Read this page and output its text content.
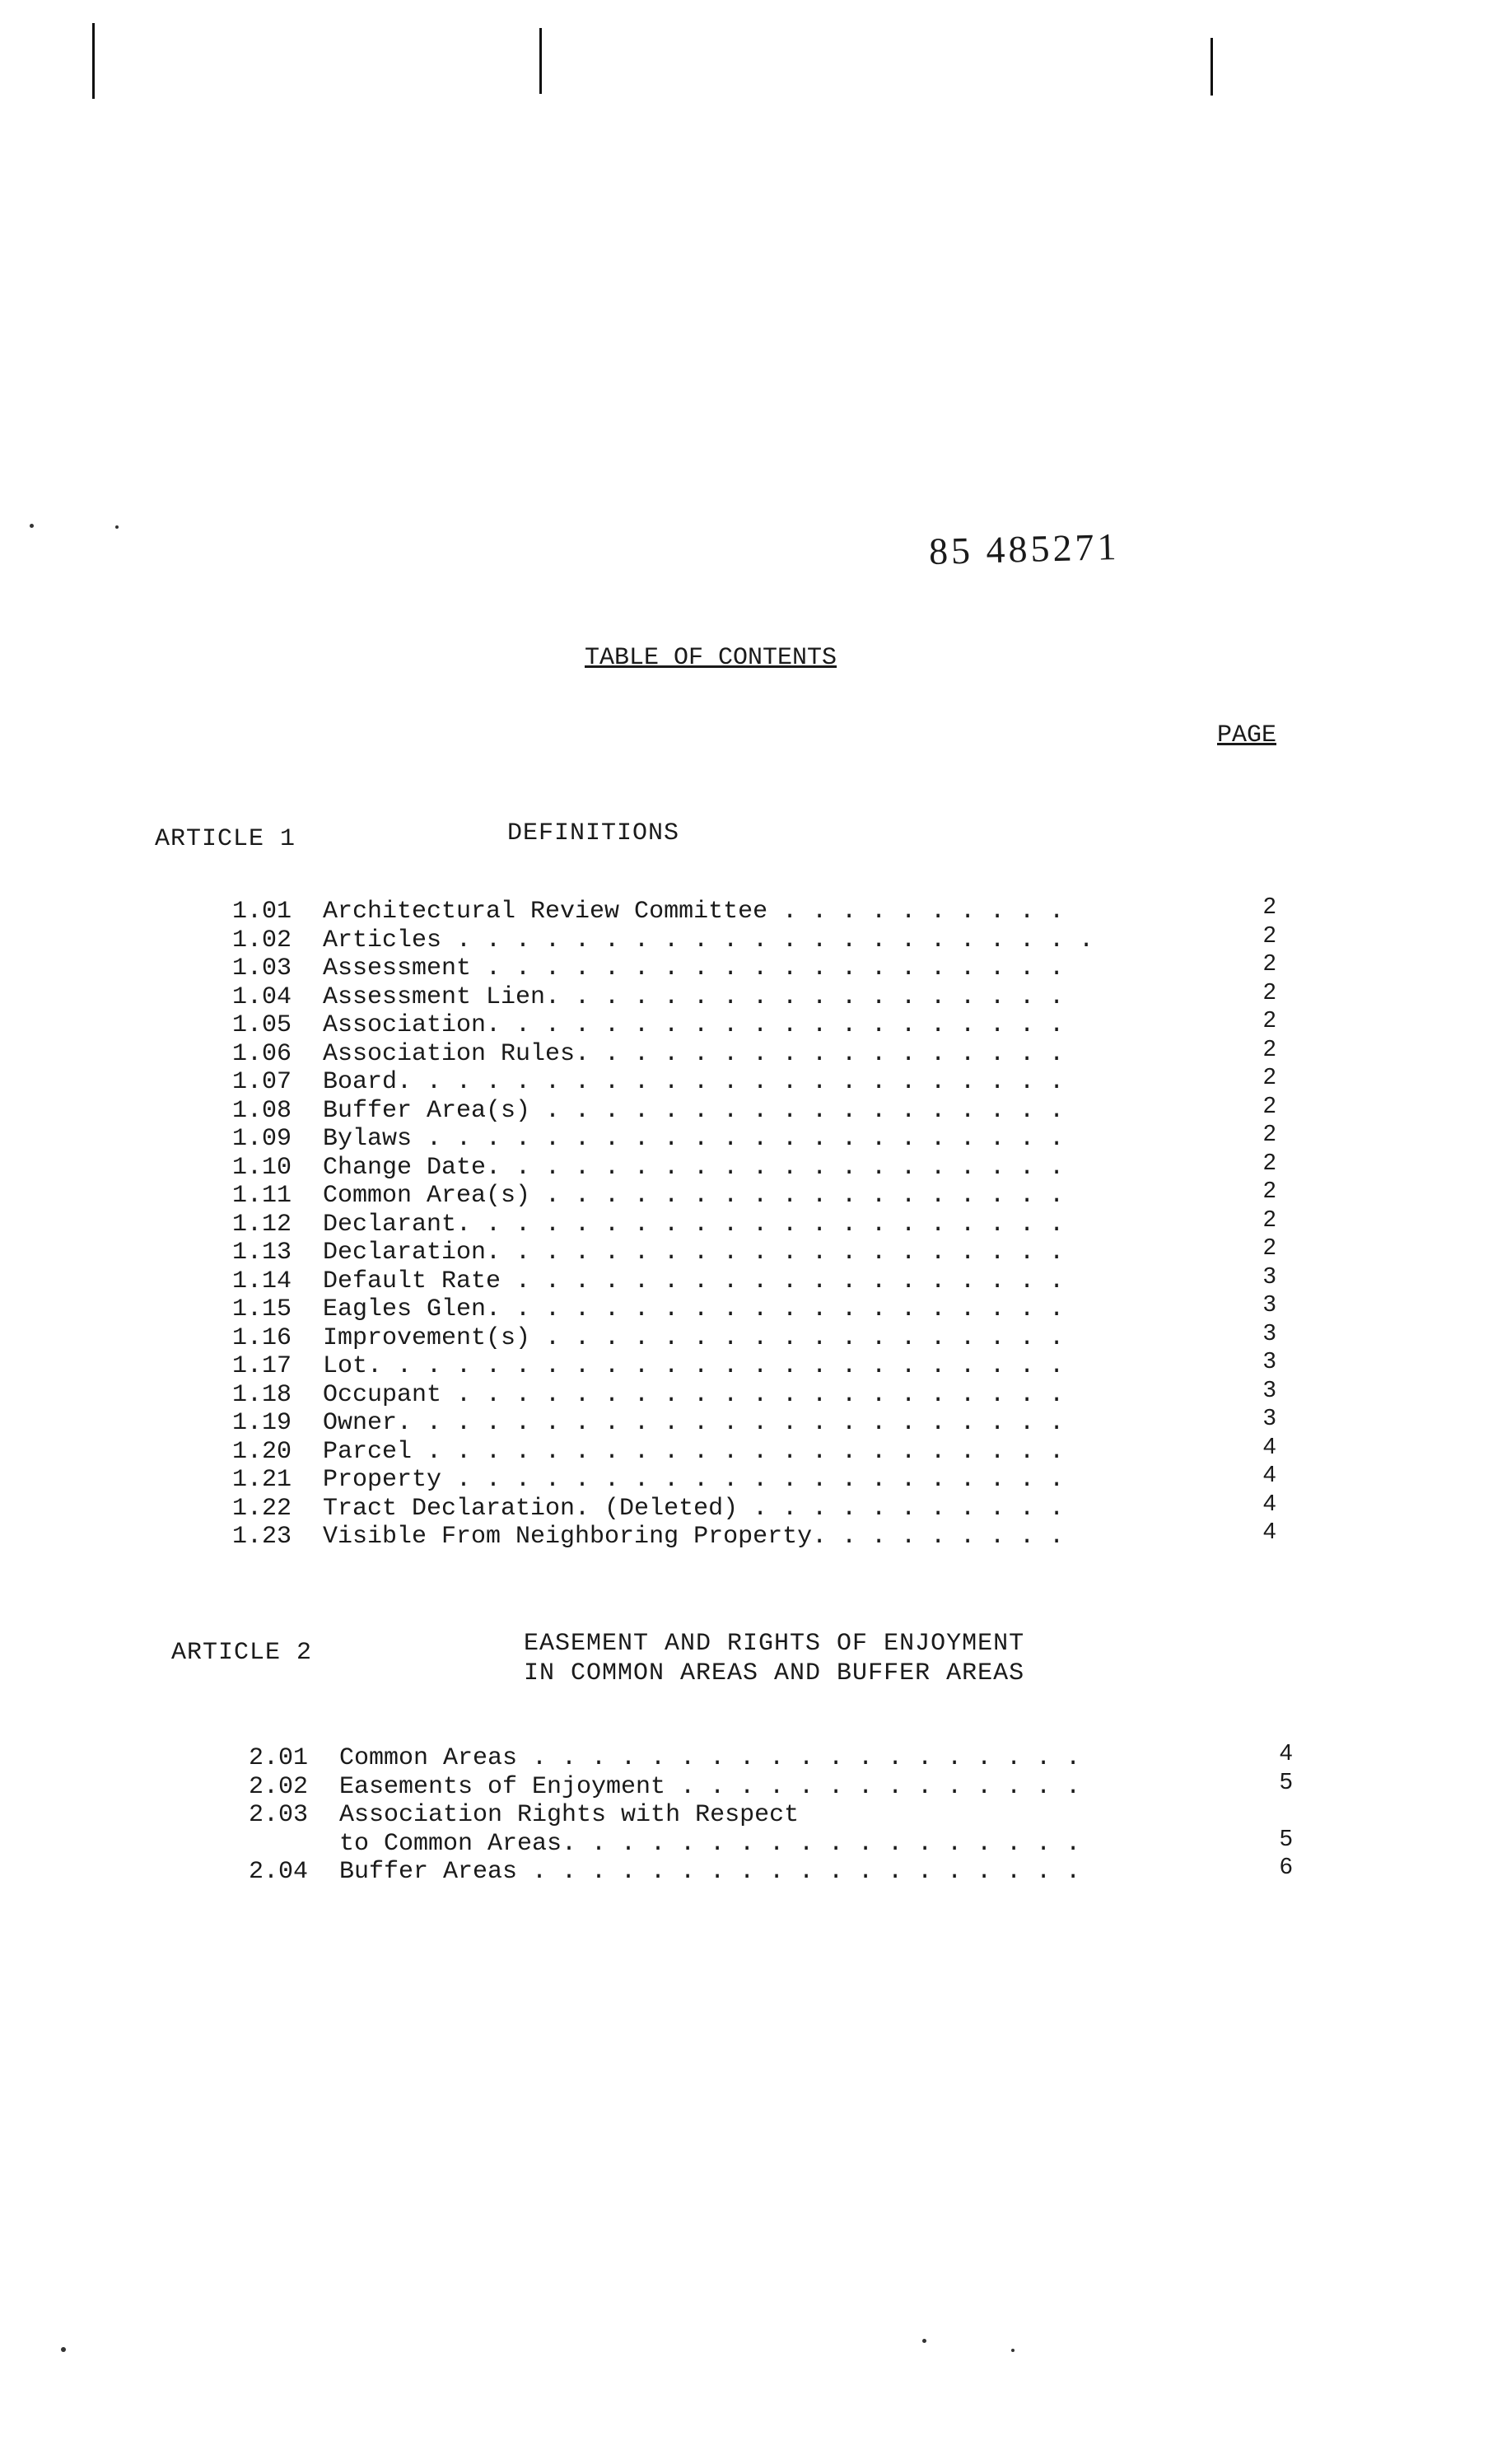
85 485271
TABLE OF CONTENTS
PAGE
ARTICLE 1	DEFINITIONS
1.01 Architectural Review Committee . . . . . . . . . .	2
1.02 Articles . . . . . . . . . . . . . . . . . . . . . .	2
1.03 Assessment . . . . . . . . . . . . . . . . . . . .	2
1.04 Assessment Lien. . . . . . . . . . . . . . . . . .	2
1.05 Association. . . . . . . . . . . . . . . . . . . .	2
1.06 Association Rules. . . . . . . . . . . . . . . . .	2
1.07 Board. . . . . . . . . . . . . . . . . . . . . . .	2
1.08 Buffer Area(s) . . . . . . . . . . . . . . . . . .	2
1.09 Bylaws . . . . . . . . . . . . . . . . . . . . . .	2
1.10 Change Date. . . . . . . . . . . . . . . . . . . .	2
1.11 Common Area(s) . . . . . . . . . . . . . . . . . .	2
1.12 Declarant. . . . . . . . . . . . . . . . . . . . .	2
1.13 Declaration. . . . . . . . . . . . . . . . . . . .	2
1.14 Default Rate . . . . . . . . . . . . . . . . . . .	3
1.15 Eagles Glen. . . . . . . . . . . . . . . . . . . .	3
1.16 Improvement(s) . . . . . . . . . . . . . . . . . .	3
1.17 Lot. . . . . . . . . . . . . . . . . . . . . . . .	3
1.18 Occupant . . . . . . . . . . . . . . . . . . . . .	3
1.19 Owner. . . . . . . . . . . . . . . . . . . . . . .	3
1.20 Parcel . . . . . . . . . . . . . . . . . . . . . .	4
1.21 Property . . . . . . . . . . . . . . . . . . . . .	4
1.22 Tract Declaration. (Deleted) . . . . . . . . . . .	4
1.23 Visible From Neighboring Property. . . . . . . . .	4
ARTICLE 2	EASEMENT AND RIGHTS OF ENJOYMENT
IN COMMON AREAS AND BUFFER AREAS
2.01 Common Areas . . . . . . . . . . . . . . . . . . .	4
2.02 Easements of Enjoyment . . . . . . . . . . . . . .	5
2.03 Association Rights with Respect
to Common Areas. . . . . . . . . . . . . . . . . .	5
2.04 Buffer Areas . . . . . . . . . . . . . . . . . . .	6
